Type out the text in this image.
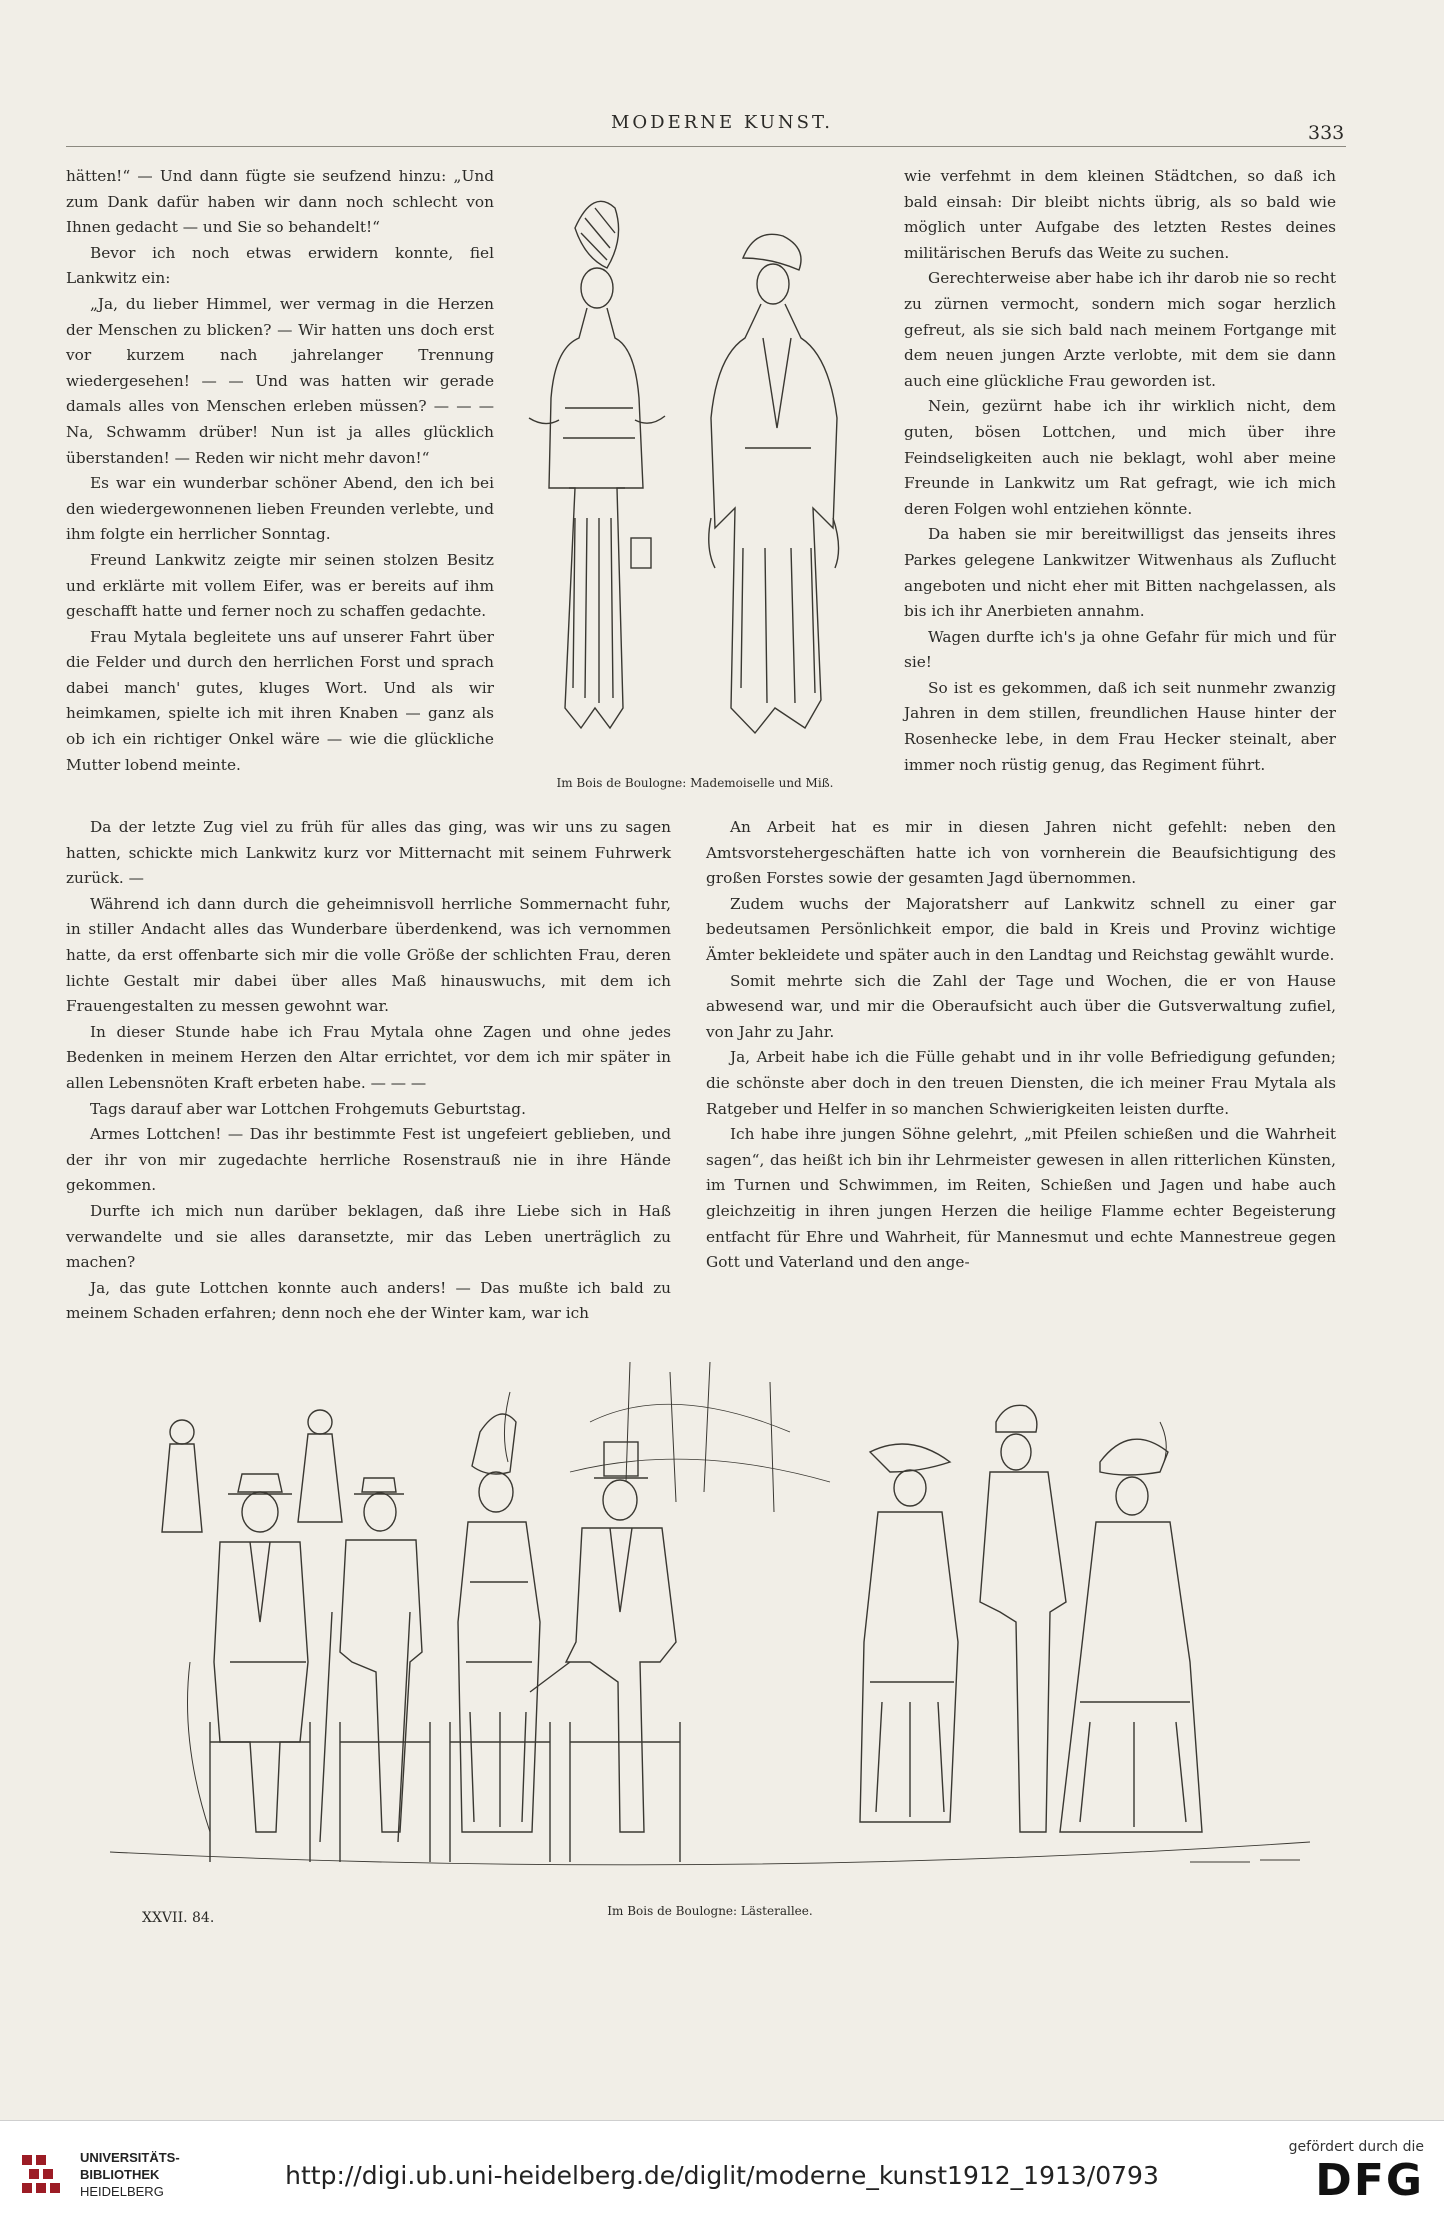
MODERNE KUNST.	333

hätten!“ — Und dann fügte sie seufzend hinzu: „Und zum Dank dafür haben wir dann noch schlecht von Ihnen gedacht — und Sie so behandelt!“

Bevor ich noch etwas erwidern konnte, fiel Lankwitz ein:

„Ja, du lieber Himmel, wer vermag in die Herzen der Menschen zu blicken? — Wir hatten uns doch erst vor kurzem nach jahrelanger Trennung wiedergesehen! — — Und was hatten wir gerade damals alles von Menschen erleben müssen? — — — Na, Schwamm drüber! Nun ist ja alles glücklich überstanden! — Reden wir nicht mehr davon!“

Es war ein wunderbar schöner Abend, den ich bei den wiedergewonnenen lieben Freunden verlebte, und ihm folgte ein herrlicher Sonntag.

Freund Lankwitz zeigte mir seinen stolzen Besitz und erklärte mit vollem Eifer, was er bereits auf ihm geschafft hatte und ferner noch zu schaffen gedachte.

Frau Mytala begleitete uns auf unserer Fahrt über die Felder und durch den herrlichen Forst und sprach dabei manch' gutes, kluges Wort. Und als wir heimkamen, spielte ich mit ihren Knaben — ganz als ob ich ein richtiger Onkel wäre — wie die glückliche Mutter lobend meinte.

Da der letzte Zug viel zu früh für alles das ging, was wir uns zu sagen hatten, schickte mich Lankwitz kurz vor Mitternacht mit seinem Fuhrwerk zurück. —

Während ich dann durch die geheimnisvoll herrliche Sommernacht fuhr, in stiller Andacht alles das Wunderbare überdenkend, was ich vernommen hatte, da erst offenbarte sich mir die volle Größe der schlichten Frau, deren lichte Gestalt mir dabei über alles Maß hinauswuchs, mit dem ich Frauengestalten zu messen gewohnt war.

In dieser Stunde habe ich Frau Mytala ohne Zagen und ohne jedes Bedenken in meinem Herzen den Altar errichtet, vor dem ich mir später in allen Lebensnöten Kraft erbeten habe. — — —

Tags darauf aber war Lottchen Frohgemuts Geburtstag.

Armes Lottchen! — Das ihr bestimmte Fest ist ungefeiert geblieben, und der ihr von mir zugedachte herrliche Rosenstrauß nie in ihre Hände gekommen.

Durfte ich mich nun darüber beklagen, daß ihre Liebe sich in Haß verwandelte und sie alles daransetzte, mir das Leben unerträglich zu machen?

Ja, das gute Lottchen konnte auch anders! — Das mußte ich bald zu meinem Schaden erfahren; denn noch ehe der Winter kam, war ich

wie verfehmt in dem kleinen Städtchen, so daß ich bald einsah: Dir bleibt nichts übrig, als so bald wie möglich unter Aufgabe des letzten Restes deines militärischen Berufs das Weite zu suchen.

Gerechterweise aber habe ich ihr darob nie so recht zu zürnen vermocht, sondern mich sogar herzlich gefreut, als sie sich bald nach meinem Fortgange mit dem neuen jungen Arzte verlobte, mit dem sie dann auch eine glückliche Frau geworden ist.

Nein, gezürnt habe ich ihr wirklich nicht, dem guten, bösen Lottchen, und mich über ihre Feindseligkeiten auch nie beklagt, wohl aber meine Freunde in Lankwitz um Rat gefragt, wie ich mich deren Folgen wohl entziehen könnte.

Da haben sie mir bereitwilligst das jenseits ihres Parkes gelegene Lankwitzer Witwenhaus als Zuflucht angeboten und nicht eher mit Bitten nachgelassen, als bis ich ihr Anerbieten annahm.

Wagen durfte ich's ja ohne Gefahr für mich und für sie!

So ist es gekommen, daß ich seit nunmehr zwanzig Jahren in dem stillen, freundlichen Hause hinter der Rosenhecke lebe, in dem Frau Hecker steinalt, aber immer noch rüstig genug, das Regiment führt.

An Arbeit hat es mir in diesen Jahren nicht gefehlt: neben den Amtsvorstehergeschäften hatte ich von vornherein die Beaufsichtigung des großen Forstes sowie der gesamten Jagd übernommen.

Zudem wuchs der Majoratsherr auf Lankwitz schnell zu einer gar bedeutsamen Persönlichkeit empor, die bald in Kreis und Provinz wichtige Ämter bekleidete und später auch in den Landtag und Reichstag gewählt wurde.

Somit mehrte sich die Zahl der Tage und Wochen, die er von Hause abwesend war, und mir die Oberaufsicht auch über die Gutsverwaltung zufiel, von Jahr zu Jahr.

Ja, Arbeit habe ich die Fülle gehabt und in ihr volle Befriedigung gefunden; die schönste aber doch in den treuen Diensten, die ich meiner Frau Mytala als Ratgeber und Helfer in so manchen Schwierigkeiten leisten durfte.

Ich habe ihre jungen Söhne gelehrt, „mit Pfeilen schießen und die Wahrheit sagen“, das heißt ich bin ihr Lehrmeister gewesen in allen ritterlichen Künsten, im Turnen und Schwimmen, im Reiten, Schießen und Jagen und habe auch gleichzeitig in ihren jungen Herzen die heilige Flamme echter Begeisterung entfacht für Ehre und Wahrheit, für Mannesmut und echte Mannestreue gegen Gott und Vaterland und den ange-

Im Bois de Boulogne: Mademoiselle und Miß.
Im Bois de Boulogne: Lästerallee.
XXVII. 84.
UNIVERSITÄTS-
BIBLIOTHEK
HEIDELBERG
http://digi.ub.uni-heidelberg.de/diglit/moderne_kunst1912_1913/0793
gefördert durch die
DFG
